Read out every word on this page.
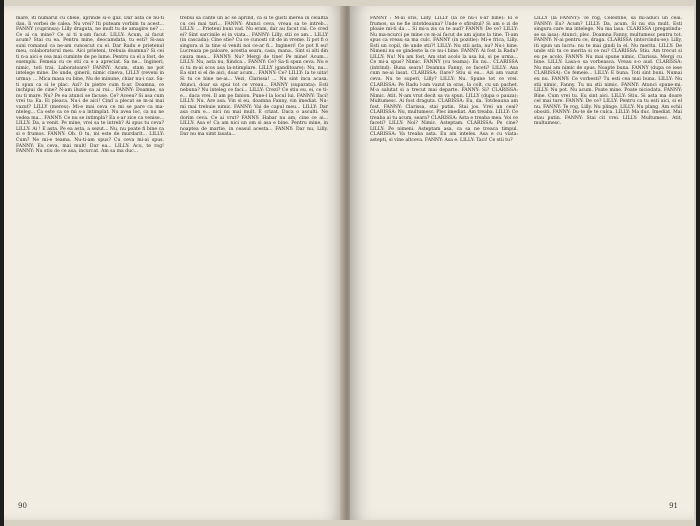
mare, iti numarul cu cheie, aprinde si-o gaz. Dar asta ce nu-ti dau. Ii vorbei de calea. Nu vrei? Iti puteam vorbim tu acest... FANNY (cuprinsa): Lilly draguta, ne mult tu de amagire ne? ... Ce ai cu mine? Ce ai ti n-am facut. LILLY: Acum, ai facut acum? Stai cu ea. Pentru mine, deocamdata, tu esti? Si-asa suni romanul ca ne-am cunoscut cu el. Dar Radu e prietenul meu, colaboratorul meu. Aici prieteni, trebuia doamna? Si cei ti n-a aici e cea mai cuminte de pe lume. Pentru ca el a fost, de exemplu. Femeia cu ce stii ca e a apreciat. Sa ne... Ingineri, nimic, toti trai. Laboratoare? FANNY: Acum, stam ne pot intelege mine. De unde, ginerii, nimic cineva, LILLY (reveni in urma): ... Mica masa cu bine, Nu de minune, chiar nu-i caz. Sa-ti spun ca si le plac. Azi? In pietre cum ti-ar. Doamna, ce inchipui de cine? N-am iluzie ca ai rui... FANNY: Doamne, sa nu ti mare. Nu? Pe ea atunci se facuse. Ce? Aceea? Si asa cum vrei tu: Ea. Ei pleaca. Nu-i de aici! Cind a plecat se m-ai mai vazut? LILLY (mereu): Mi-e mai ceva ce mi se pare ca ma-nteleg... Ca este ca ce mi s-a intimplat. Nu avea loc, ca nu ne vedea ma... FANNY: Ce nu se intimpla? Ea s-ar zice ca venise... LILLY: Da, a venit. Pe mine, vrei sa te intreb? Ai spus tu ceva? LILLY: Ai ! E asta. Pe ea asta, a sezut... Nu, nu poate fi bine ca si e frumos. FANNY: Oh. O tu, mi este de murdarit... LILLY: Cum? Ne mi-e teama. Nu-ti-am spus? Cu ceva mi-ai spus. FANNY: Eu ceva, mai mult! Dar ea... LILLY: Acu, te rog! FANNY: Nu stiu de ce asa, incurcat. Am sa ma duc...

trebui sa cante un ac se aprind, ca si te gusti inerea in celaltia cu cei mai tari... FANNY: Atunci ceva, vreau sa te intreb... LILLY: ... Prieteni buni vad. Nu eram, dar au facut rai. Ce cred ei? Sint sarcinile ei in viata... FANNY: Lilly, stii ce am... LILLY (in cascada): Cine stie? Cu ce cunosti cit de in vreme. Ii pot fi o singura zi la tine si veniti noi ce-ar fi... Ingineri! Ce pot fi eu! Lucreaza pe paloare, acestia seara, casa, mana.. Sint si alti din cauza mea... FANNY: Nu? Mergi de tine! Pe mine! Acum... LILLY: Nu, asta nu, fiindca... FANNY: Ce? Sa-ti spun ceva. Nu e si tu m-ai scos asa la-ntimplare. LILLY (ganditoare): Nu, nu... Ea sint si el de aici, doar acum... FANNY: Ce? LILLY: Ia te uita! Si tu ce bine ne-ai... Vezi, Clarissa! ... Nu sint inca acasa. Atunci, doar sa spui tot ce vreau... FANNY (suparata): Esti nebuna? Nu inteleg ce faci... LILLY: Crezi? Ce stiu eu, ei, ce ti-e... daca vrei. Il am pe fanion. Pune-l la locul lui. FANNY: Taci! LILLY: Nu. Are asa. Vin si eu, doamna Fanny, vin imediat. Nu-mi mai trebuie nimic. FANNY: Vai de capul meu... LILLY: Dar asa cum e... nici nu mai mult. E crizat. Daca o asculti. Ne dorim ceva. Ce ai vrut? FANNY: Habar nu am, cine ce ai... LILLY: Asa e! Ca am nici un om si asa e bine. Pentru mine, in noaptea de martie, in ceasul acesta... FANNY: Dar nu, Lilly. Dar nu ma simt lasata...

90

FANNY : M-ai oris, Lilly. LILLY (la ce nu-i s-ar bine): Ei e frumos, sa ne fie intotdeauna? Unde e sfirsitul? Si am o zi de ploaie mi-ti da ... Si mi-a zis ca te aud? FANNY: De ce? LILLY: Nu ma-ncurci pe mine ce m-ai facut de am ajuns la tine. Ti-am spus ca vreau sa ma culc. FANNY (in pozitie): Mi-e frica, Lilly. Esti un copil, de unde stii?! LILLY: Nu stii asta, nu? Nu-i bine. Nimeni nu se gindeste la ce nu-i bine. FANNY: Ai fost la Radu? LILLY: Nu! Nu am fost. Am stat acolo la usa lui, si pe urma... Ce mi-a spus? Nimic. FANNY (cu teama): Eu nu... CLARISSA (intrind): Buna seara! Doamna Fanny, ce faceti? LILLY: Asa cum ne-ai lasat. CLARISSA: Oare? Stiu si eu... Azi am vazut ceva. Nu te superi, Lilly? LILLY: Nu. Spune tot ce vrei. CLARISSA: Pe Radu l-am vazut in oras, la colt, cu un pachet. M-a salutat si a trecut mai departe. FANNY: Si? CLARISSA: Nimic. Atit. N-am vrut decit sa va spun. LILLY (dupa o pauza): Multumesc. Ai fost draguta. CLARISSA: Eu, da. Totdeauna am fost. FANNY: Clarissa, stai putin. Stai jos. Vrei un ceai? CLARISSA: Nu, multumesc. Plec imediat. Am treaba. LILLY: Ce treaba ai tu acum, seara? CLARISSA: Asta e treaba mea. Voi ce faceti? LILLY: Noi? Nimic. Asteptam. CLARISSA: Pe cine? LILLY: Pe nimeni. Asteptam asa, ca sa ne treaca timpul. CLARISSA: Va treaba asta. Eu am inteles. Asa e cu viata: astepti, si vine altceva. FANNY: Asa e. LILLY: Taci! Ce stii tu?

LILLY (la FANNY): Te rog, Celestine, sa mi-aduci un ceai. FANNY: Eu? Acum? LILLY: Da, acum. Si nu sta mult. Esti singura care ma intelege. Nu ma lasa. CLARISSA (pregatindu-se sa iasa): Atunci, plec. Doamna Fanny, multumesc pentru tot. FANNY: N-ai pentru ce, draga. CLARISSA (intorcindu-se): Lilly, iti spun un lucru: nu te mai gindi la el. Nu merita. LILLY: De unde stii tu ce merita si ce nu? CLARISSA: Stiu. Am trecut si eu pe acolo. FANNY: Nu mai spune nimic, Clarissa. Mergi cu bine. LILLY: Lasa-o sa vorbeasca. Vreau s-o aud. CLARISSA: Nu mai am nimic de spus. Noapte buna. FANNY (dupa ce iese CLARISSA): Ce femeie... LILLY: E buna. Toti sint buni. Numai eu nu. FANNY: Ce vorbesti? Tu esti cea mai buna. LILLY: Nu stii nimic, Fanny. Tu nu stii nimic. FANNY: Atunci spune-mi. LILLY: Nu pot. Nu acum. Poate mine. Poate niciodata. FANNY: Bine. Cum vrei tu. Eu sint aici. LILLY: Stiu. Si asta ma doare cel mai tare. FANNY: De ce? LILLY: Pentru ca tu esti aici, si el nu. FANNY: Te rog, Lilly. Nu plinge. LILLY: Nu plang. Am ochii obositi. FANNY: Du-te de te culca. LILLY: Ma duc. Imediat. Mai stau putin. FANNY: Stai cit vrei. LILLY: Multumesc. Atit, multumesc.

91
